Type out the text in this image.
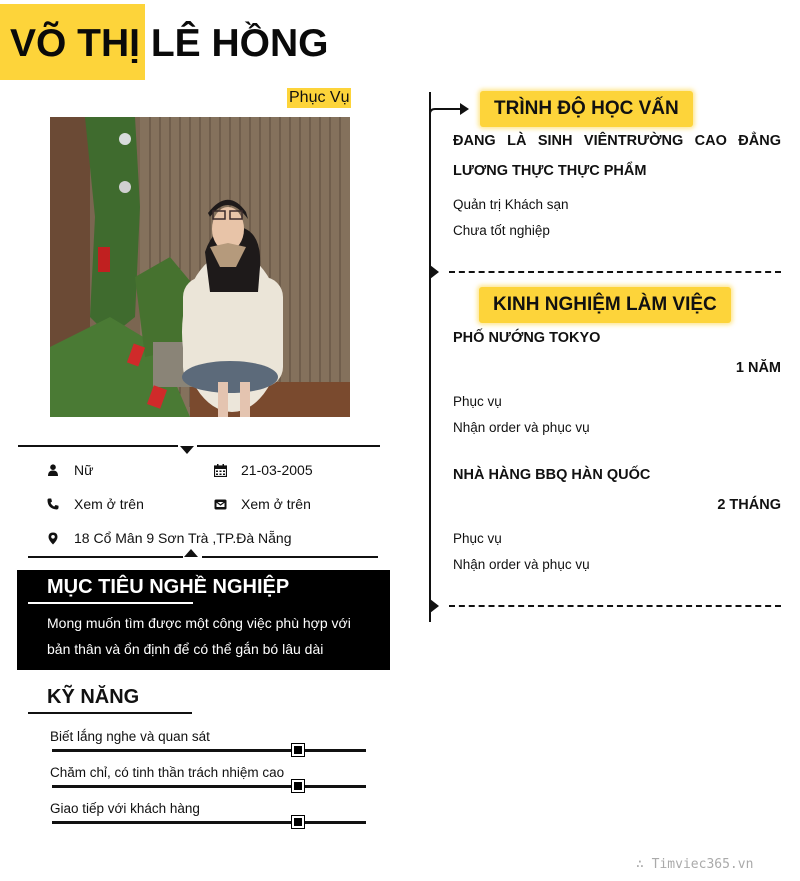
VÕ THỊ LÊ HỒNG
Phục Vụ
Nữ	21-03-2005
Xem ở trên	Xem ở trên
18 Cổ Mân 9 Sơn Trà ,TP.Đà Nẵng
MỤC TIÊU NGHỀ NGHIỆP

Mong muốn tìm được một công việc phù hợp với bản thân và ổn định để có thể gắn bó lâu dài

KỸ NĂNG
Biết lắng nghe và quan sát
Chăm chỉ, có tinh thần trách nhiệm cao
Giao tiếp với khách hàng
TRÌNH ĐỘ HỌC VẤN
ĐANG LÀ SINH VIÊNTRƯỜNG CAO ĐẲNG
LƯƠNG THỰC THỰC PHẨM
Quản trị Khách sạn
Chưa tốt nghiệp
KINH NGHIỆM LÀM VIỆC
PHỐ NƯỚNG TOKYO
1 NĂM
Phục vụ
Nhận order và phục vụ
NHÀ HÀNG BBQ HÀN QUỐC
2 THÁNG
Phục vụ
Nhận order và phục vụ
∴ Timviec365.vn
